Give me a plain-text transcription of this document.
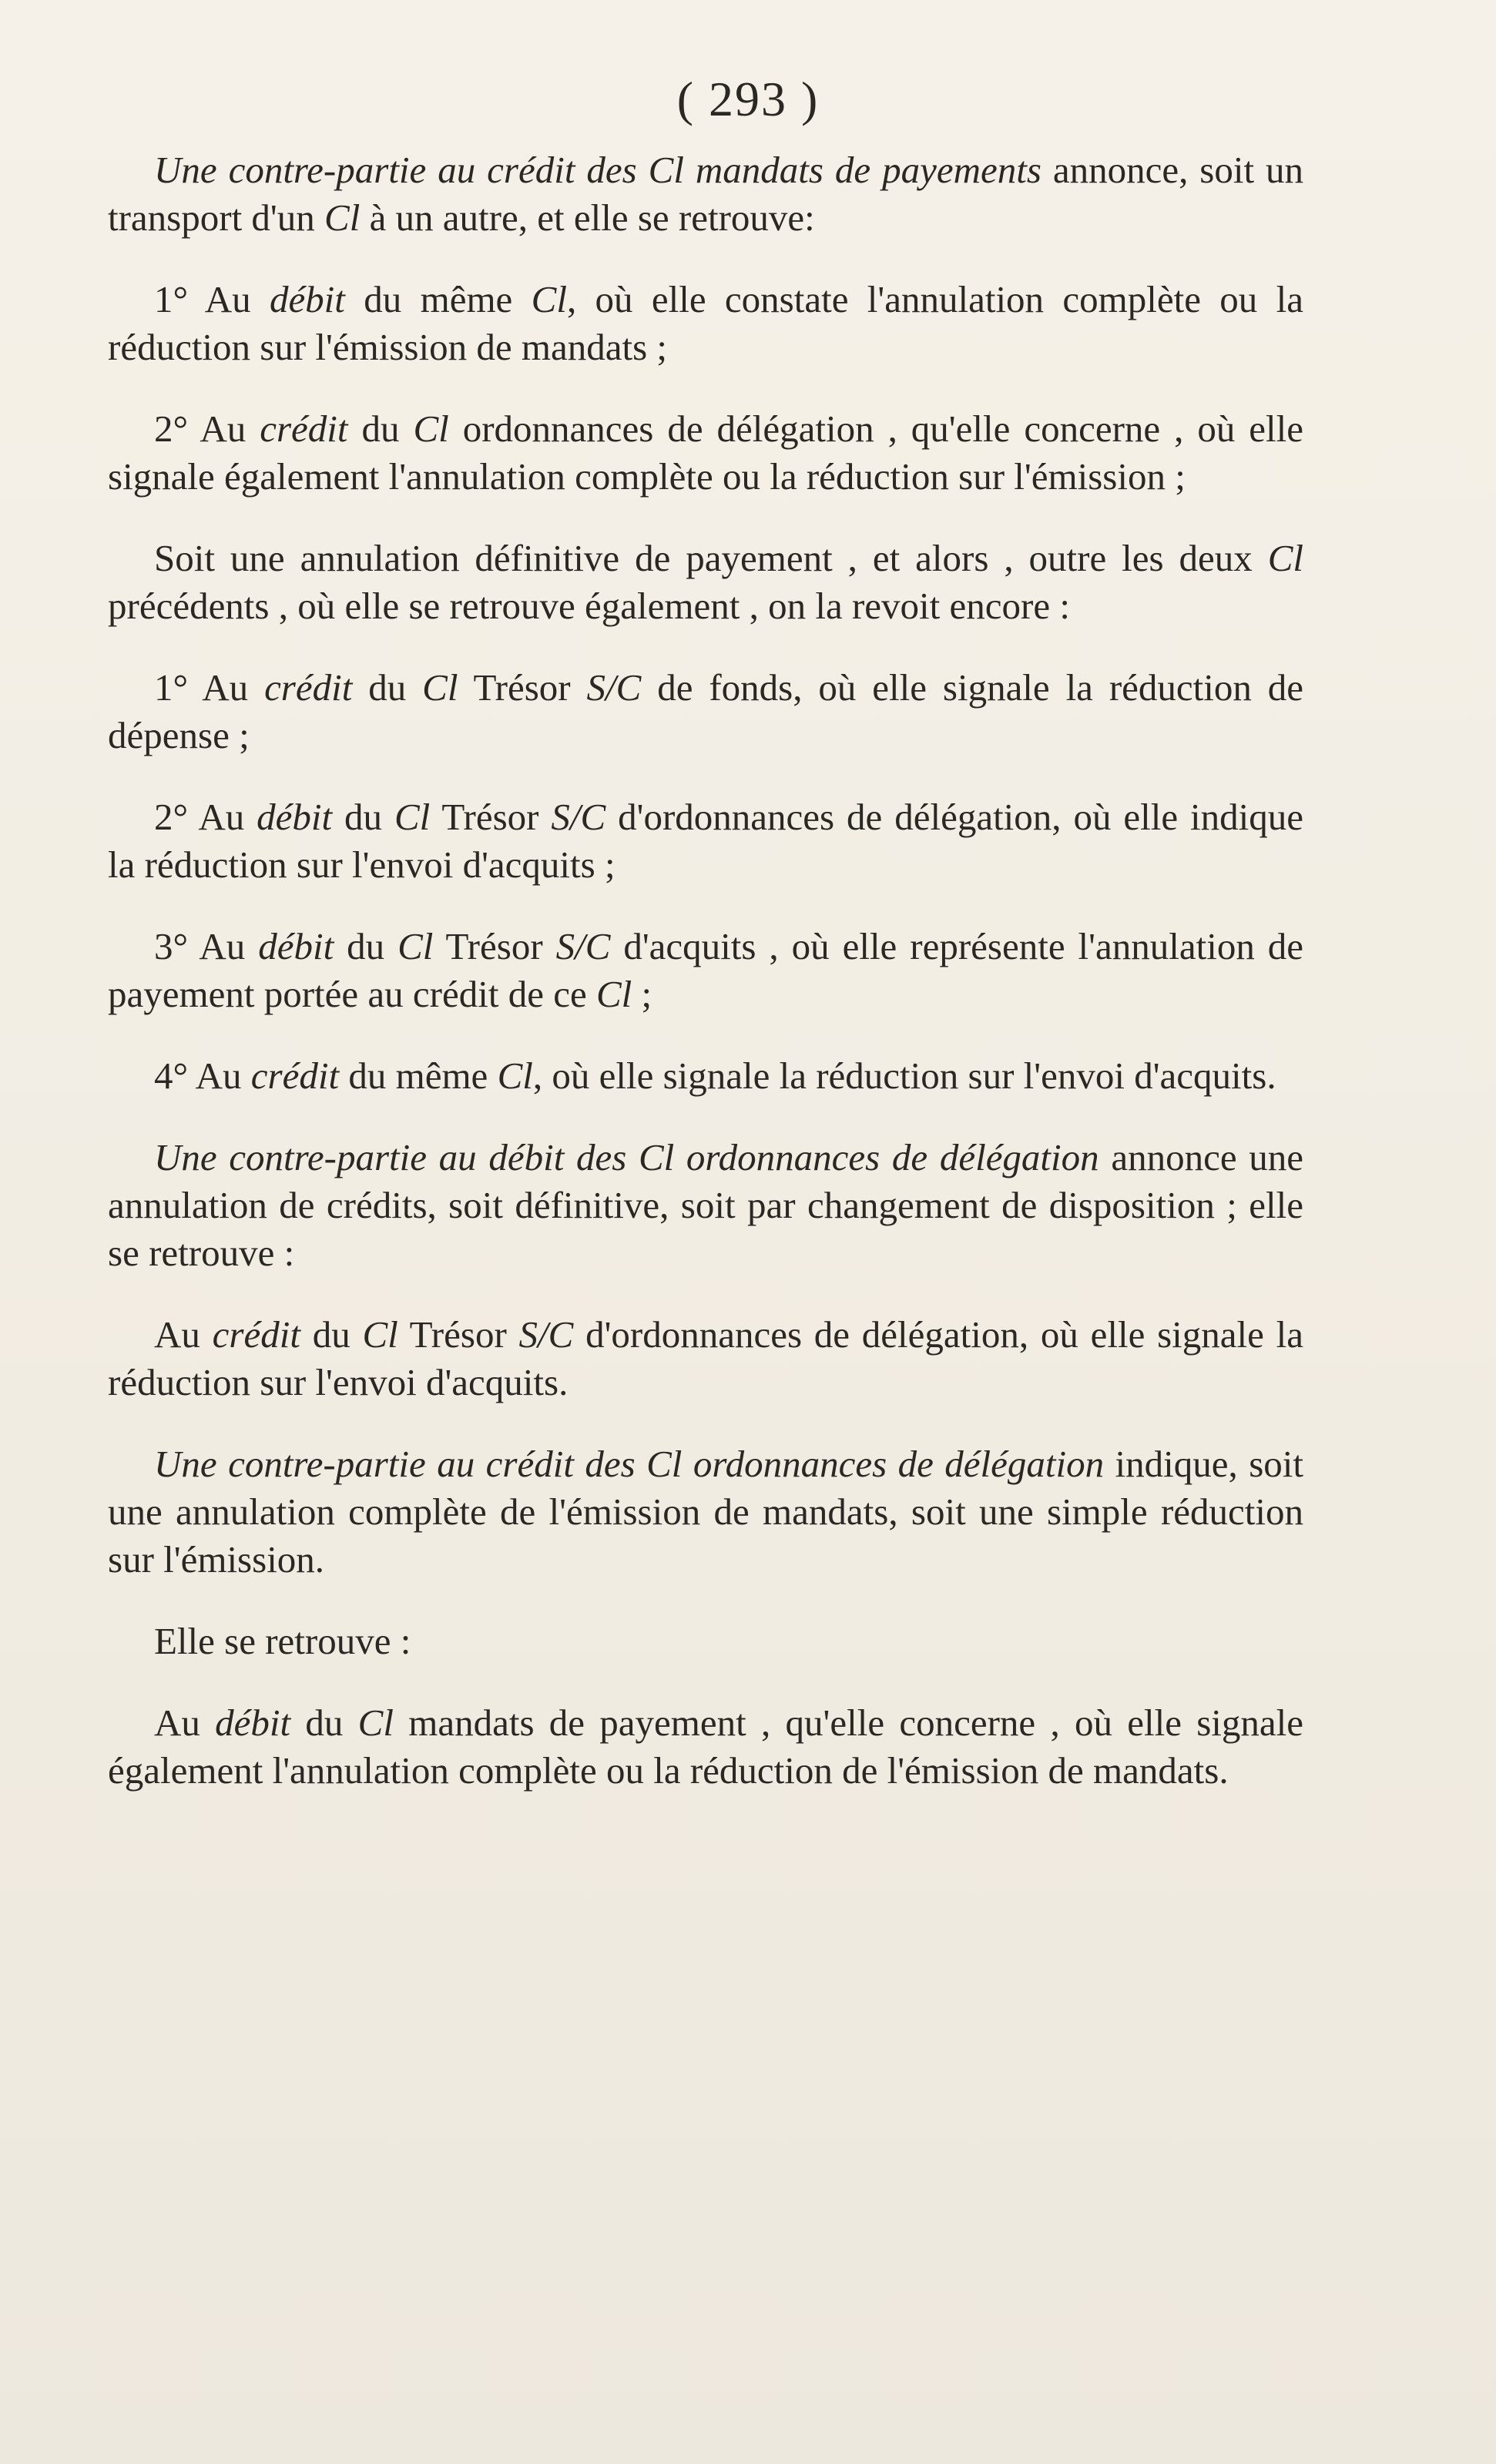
( 293 )

Une contre-partie au crédit des Cl mandats de payements annonce, soit un transport d'un Cl à un autre, et elle se retrouve:

1° Au débit du même Cl, où elle constate l'annulation complète ou la réduction sur l'émission de mandats ;

2° Au crédit du Cl ordonnances de délégation , qu'elle concerne , où elle signale également l'annulation complète ou la réduction sur l'émission ;

Soit une annulation définitive de payement , et alors , outre les deux Cl précédents , où elle se retrouve également , on la revoit encore :

1° Au crédit du Cl Trésor S/C de fonds, où elle signale la réduction de dépense ;

2° Au débit du Cl Trésor S/C d'ordonnances de délégation, où elle indique la réduction sur l'envoi d'acquits ;

3° Au débit du Cl Trésor S/C d'acquits , où elle représente l'annulation de payement portée au crédit de ce Cl ;

4° Au crédit du même Cl, où elle signale la réduction sur l'envoi d'acquits.

Une contre-partie au débit des Cl ordonnances de délégation annonce une annulation de crédits, soit définitive, soit par changement de disposition ; elle se retrouve :

Au crédit du Cl Trésor S/C d'ordonnances de délégation, où elle signale la réduction sur l'envoi d'acquits.

Une contre-partie au crédit des Cl ordonnances de délégation indique, soit une annulation complète de l'émission de mandats, soit une simple réduction sur l'émission.

Elle se retrouve :

Au débit du Cl mandats de payement , qu'elle concerne , où elle signale également l'annulation complète ou la réduction de l'émission de mandats.
